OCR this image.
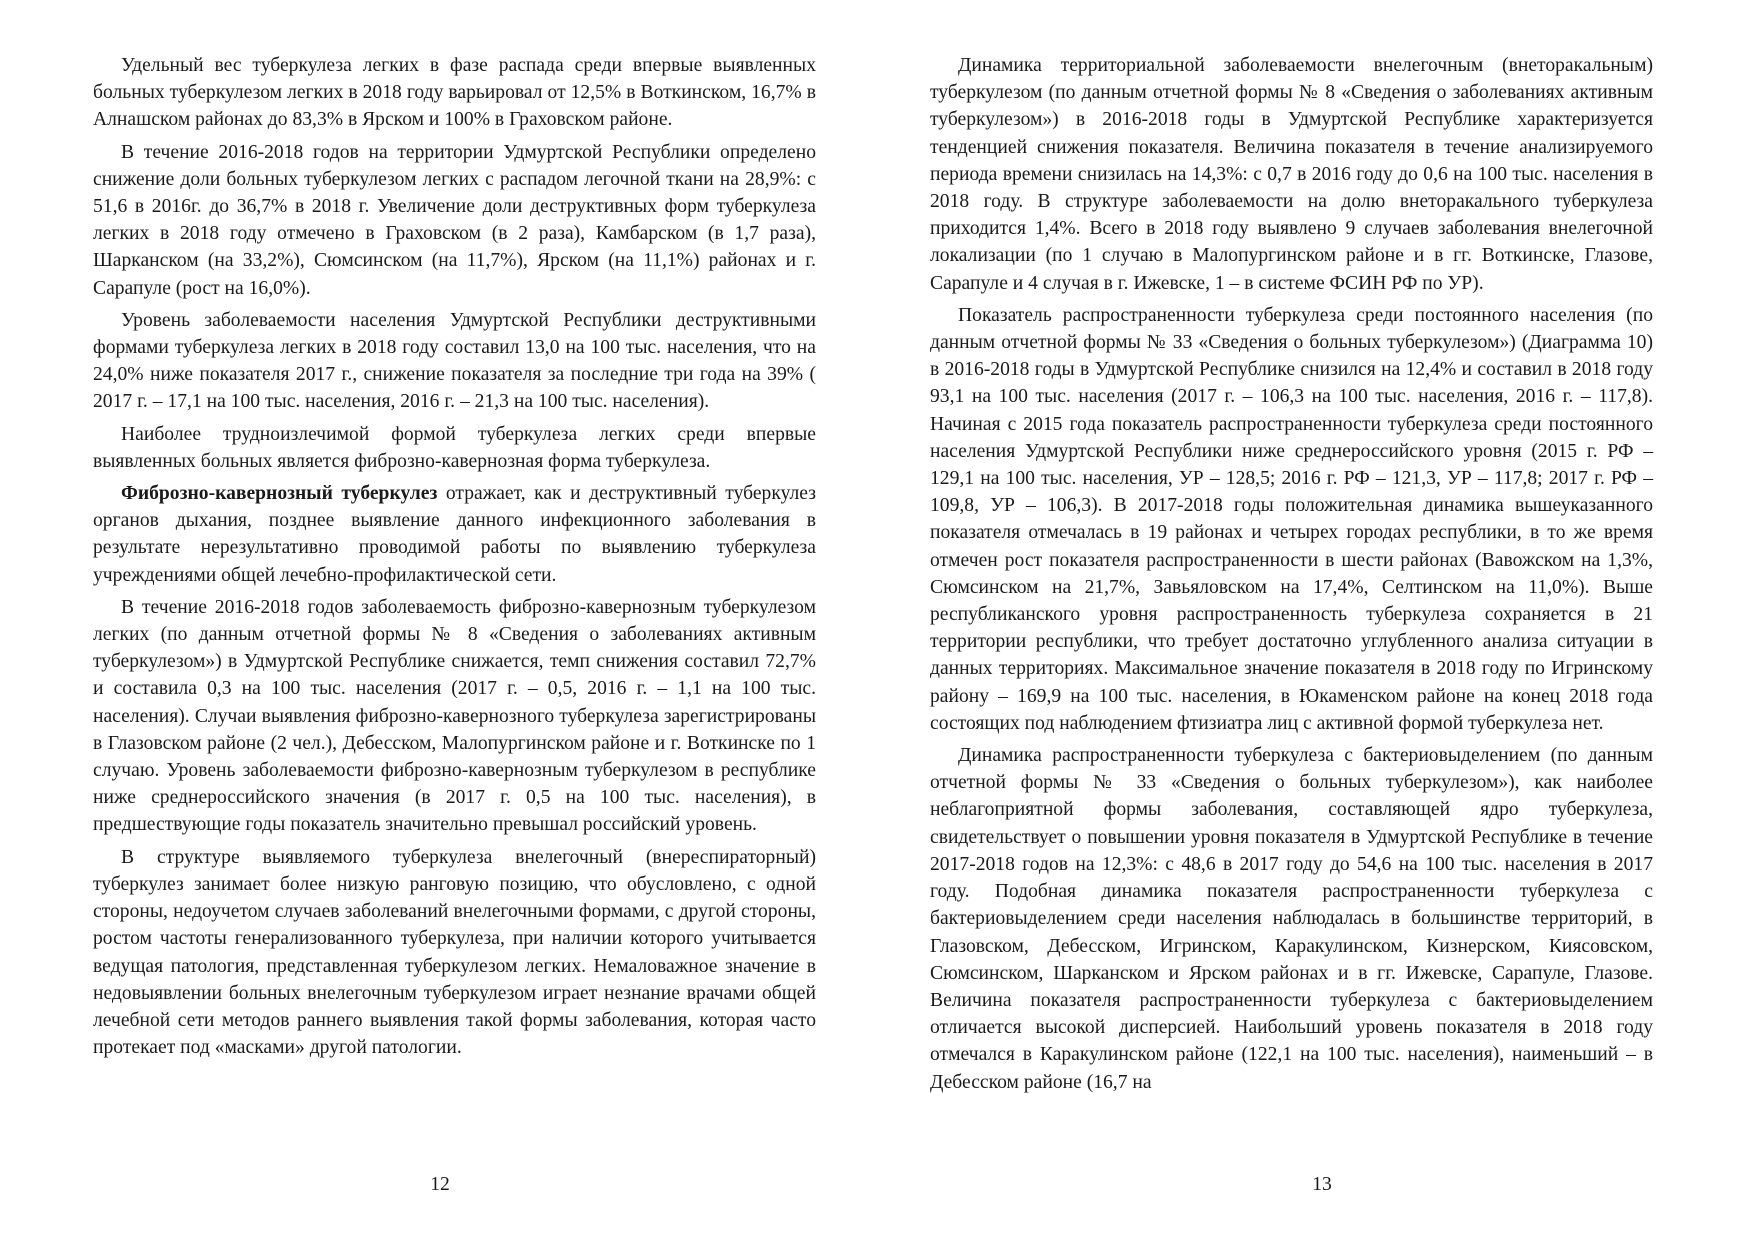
Удельный вес туберкулеза легких в фазе распада среди впервые выявленных больных туберкулезом легких в 2018 году варьировал от 12,5% в Воткинском, 16,7% в Алнашском районах до 83,3% в Ярском и 100% в Граховском районе.

В течение 2016-2018 годов на территории Удмуртской Республики определено снижение доли больных туберкулезом легких с распадом легочной ткани на 28,9%: с 51,6 в 2016г. до 36,7% в 2018 г. Увеличение доли деструктивных форм туберкулеза легких в 2018 году отмечено в Граховском (в 2 раза), Камбарском (в 1,7 раза), Шарканском (на 33,2%), Сюмсинском (на 11,7%), Ярском (на 11,1%) районах и г. Сарапуле (рост на 16,0%).

Уровень заболеваемости населения Удмуртской Республики деструктивными формами туберкулеза легких в 2018 году составил 13,0 на 100 тыс. населения, что на 24,0% ниже показателя 2017 г., снижение показателя за последние три года на 39% ( 2017 г. – 17,1 на 100 тыс. населения, 2016 г. – 21,3 на 100 тыс. населения).

Наиболее трудноизлечимой формой туберкулеза легких среди впервые выявленных больных является фиброзно-кавернозная форма туберкулеза.

Фиброзно-кавернозный туберкулез отражает, как и деструктивный туберкулез органов дыхания, позднее выявление данного инфекционного заболевания в результате нерезультативно проводимой работы по выявлению туберкулеза учреждениями общей лечебно-профилактической сети.

В течение 2016-2018 годов заболеваемость фиброзно-кавернозным туберкулезом легких (по данным отчетной формы № 8 «Сведения о заболеваниях активным туберкулезом») в Удмуртской Республике снижается, темп снижения составил 72,7% и составила 0,3 на 100 тыс. населения (2017 г. – 0,5, 2016 г. – 1,1 на 100 тыс. населения). Случаи выявления фиброзно-кавернозного туберкулеза зарегистрированы в Глазовском районе (2 чел.), Дебесском, Малопургинском районе и г. Воткинске по 1 случаю. Уровень заболеваемости фиброзно-кавернозным туберкулезом в республике ниже среднероссийского значения (в 2017 г. 0,5 на 100 тыс. населения), в предшествующие годы показатель значительно превышал российский уровень.

В структуре выявляемого туберкулеза внелегочный (внереспираторный) туберкулез занимает более низкую ранговую позицию, что обусловлено, с одной стороны, недоучетом случаев заболеваний внелегочными формами, с другой стороны, ростом частоты генерализованного туберкулеза, при наличии которого учитывается ведущая патология, представленная туберкулезом легких. Немаловажное значение в недовыявлении больных внелегочным туберкулезом играет незнание врачами общей лечебной сети методов раннего выявления такой формы заболевания, которая часто протекает под «масками» другой патологии.

Динамика территориальной заболеваемости внелегочным (внеторакальным) туберкулезом (по данным отчетной формы № 8 «Сведения о заболеваниях активным туберкулезом») в 2016-2018 годы в Удмуртской Республике характеризуется тенденцией снижения показателя. Величина показателя в течение анализируемого периода времени снизилась на 14,3%: с 0,7 в 2016 году до 0,6 на 100 тыс. населения в 2018 году. В структуре заболеваемости на долю внеторакального туберкулеза приходится 1,4%. Всего в 2018 году выявлено 9 случаев заболевания внелегочной локализации (по 1 случаю в Малопургинском районе и в гг. Воткинске, Глазове, Сарапуле и 4 случая в г. Ижевске, 1 – в системе ФСИН РФ по УР).

Показатель распространенности туберкулеза среди постоянного населения (по данным отчетной формы № 33 «Сведения о больных туберкулезом») (Диаграмма 10) в 2016-2018 годы в Удмуртской Республике снизился на 12,4% и составил в 2018 году 93,1 на 100 тыс. населения (2017 г. – 106,3 на 100 тыс. населения, 2016 г. – 117,8). Начиная с 2015 года показатель распространенности туберкулеза среди постоянного населения Удмуртской Республики ниже среднероссийского уровня (2015 г. РФ – 129,1 на 100 тыс. населения, УР – 128,5; 2016 г. РФ – 121,3, УР – 117,8; 2017 г. РФ – 109,8, УР – 106,3). В 2017-2018 годы положительная динамика вышеуказанного показателя отмечалась в 19 районах и четырех городах республики, в то же время отмечен рост показателя распространенности в шести районах (Вавожском на 1,3%, Сюмсинском на 21,7%, Завьяловском на 17,4%, Селтинском на 11,0%). Выше республиканского уровня распространенность туберкулеза сохраняется в 21 территории республики, что требует достаточно углубленного анализа ситуации в данных территориях. Максимальное значение показателя в 2018 году по Игринскому району – 169,9 на 100 тыс. населения, в Юкаменском районе на конец 2018 года состоящих под наблюдением фтизиатра лиц с активной формой туберкулеза нет.

Динамика распространенности туберкулеза с бактериовыделением (по данным отчетной формы № 33 «Сведения о больных туберкулезом»), как наиболее неблагоприятной формы заболевания, составляющей ядро туберкулеза, свидетельствует о повышении уровня показателя в Удмуртской Республике в течение 2017-2018 годов на 12,3%: с 48,6 в 2017 году до 54,6 на 100 тыс. населения в 2017 году. Подобная динамика показателя распространенности туберкулеза с бактериовыделением среди населения наблюдалась в большинстве территорий, в Глазовском, Дебесском, Игринском, Каракулинском, Кизнерском, Киясовском, Сюмсинском, Шарканском и Ярском районах и в гг. Ижевске, Сарапуле, Глазове. Величина показателя распространенности туберкулеза с бактериовыделением отличается высокой дисперсией. Наибольший уровень показателя в 2018 году отмечался в Каракулинском районе (122,1 на 100 тыс. населения), наименьший – в Дебесском районе (16,7 на

12	13
